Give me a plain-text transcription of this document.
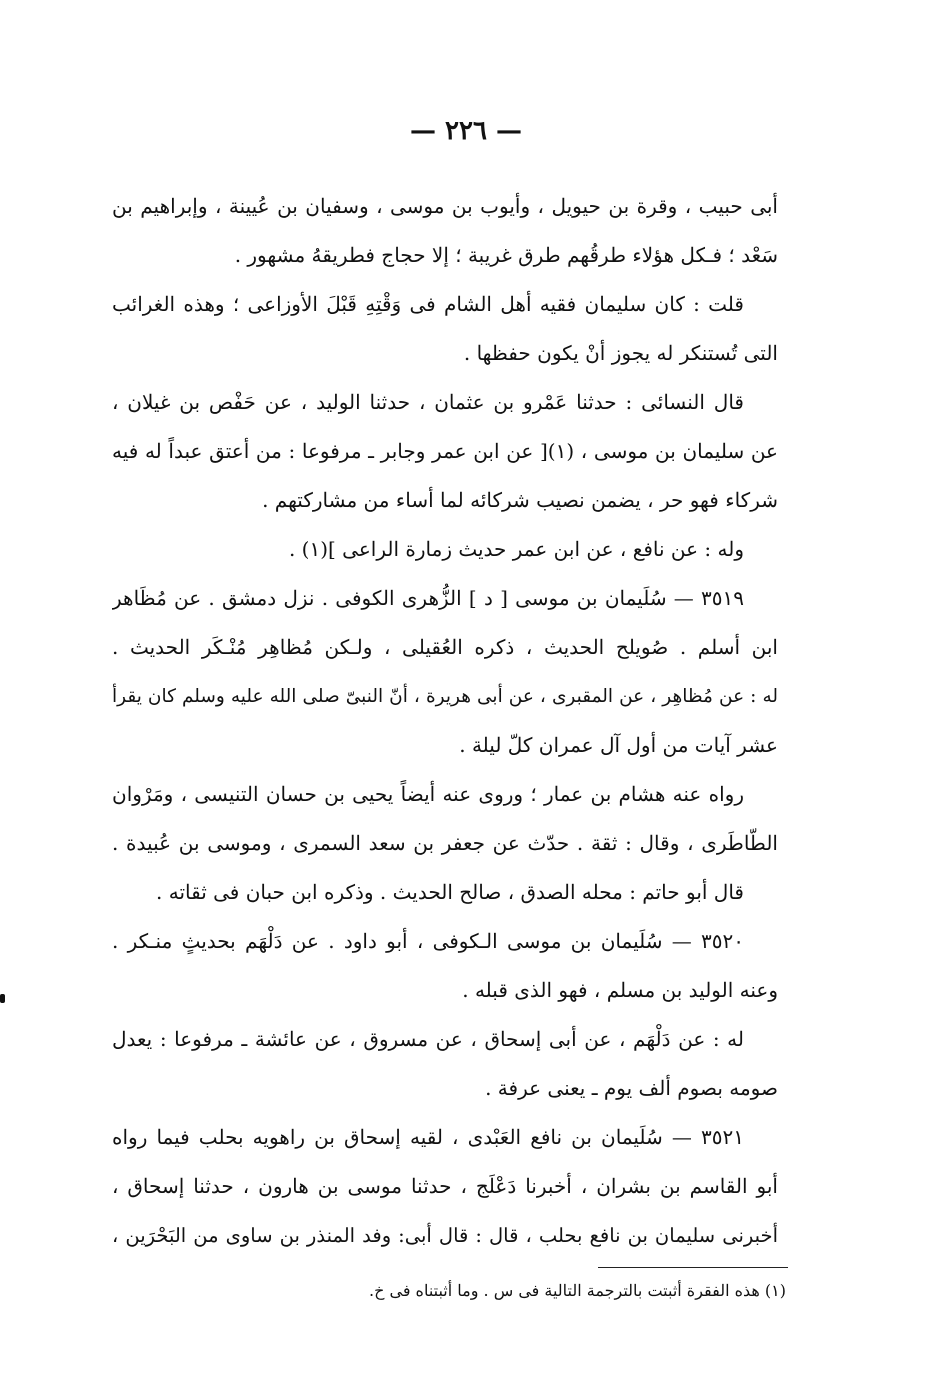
— ٢٢٦ —
أبى حبيب ، وقرة بن حيويل ، وأيوب بن موسى ، وسفيان بن عُيينة ، وإبراهيم بن
سَعْد ؛ فـكل هؤلاء طرقُهم طرق غريبة ؛ إلا حجاج فطريقهُ مشهور .
قلت : كان سليمان فقيه أهل الشام فى وَقْتِهِ قَبْلَ الأوزاعى ؛ وهذه الغرائب
التى تُستنكر له يجوز أنْ يكون حفظها .
قال النسائى : حدثنا عَمْرو بن عثمان ، حدثنا الوليد ، عن حَفْص بن غيلان ،
عن سليمان بن موسى ، (١)[ عن ابن عمر وجابر ـ مرفوعا : من أعتق عبداً له فيه
شركاء فهو حر ، يضمن نصيب شركائه لما أساء من مشاركتهم .
وله : عن نافع ، عن ابن عمر حديث زمارة الراعى ](١) .
٣٥١٩ — سُلَيمان بن موسى [ د ] الزُّهرى الكوفى . نزل دمشق . عن مُظَاهر
ابن أسلم . صُويلح الحديث ، ذكره العُقيلى ، ولـكن مُظاهِر مُنْـكَر الحديث .
له : عن مُظاهِر ، عن المقبرى ، عن أبى هريرة ، أنّ النبىّ صلى الله عليه وسلم كان يقرأ
عشر آيات من أول آل عمران كلّ ليلة .
رواه عنه هشام بن عمار ؛ وروى عنه أيضاً يحيى بن حسان التنيسى ، ومَرْوان
الطّاطَرى ، وقال : ثقة . حدّث عن جعفر بن سعد السمرى ، وموسى بن عُبيدة .
قال أبو حاتم : محله الصدق ، صالح الحديث . وذكره ابن حبان فى ثقاته .
٣٥٢٠ — سُلَيمان بن موسى الـكوفى ، أبو داود . عن دَلْهَم بحديثٍ منـكر .
وعنه الوليد بن مسلم ، فهو الذى قبله .
له : عن دَلْهَم ، عن أبى إسحاق ، عن مسروق ، عن عائشة ـ مرفوعا : يعدل
صومه بصوم ألف يوم ـ يعنى عرفة .
٣٥٢١ — سُلَيمان بن نافع العَبْدى ، لقيه إسحاق بن راهويه بحلب فيما رواه
أبو القاسم بن بشران ، أخبرنا دَعْلَج ، حدثنا موسى بن هارون ، حدثنا إسحاق ،
أخبرنى سليمان بن نافع بحلب ، قال : قال أبى: وفد المنذر بن ساوى من البَحْرَين ،
(١) هذه الفقرة أثبتت بالترجمة التالية فى س . وما أثبتناه فى خ.
